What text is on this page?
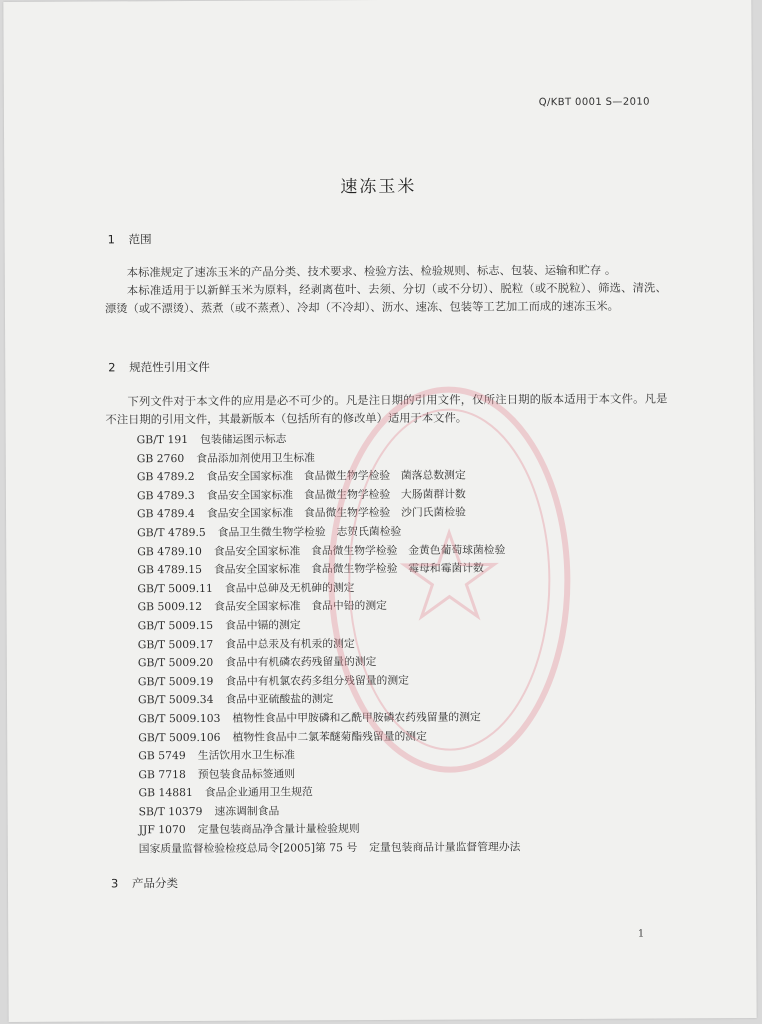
Q/KBT 0001 S—2010
速冻玉米
1 范围

本标准规定了速冻玉米的产品分类、技术要求、检验方法、检验规则、标志、包装、运输和贮存 。

本标准适用于以新鲜玉米为原料，经剥离苞叶、去须、分切（或不分切）、脱粒（或不脱粒）、筛选、清洗、漂烫（或不漂烫）、蒸煮（或不蒸煮）、冷却（不冷却）、沥水、速冻、包装等工艺加工而成的速冻玉米。

2 规范性引用文件

下列文件对于本文件的应用是必不可少的。凡是注日期的引用文件，仅所注日期的版本适用于本文件。凡是不注日期的引用文件，其最新版本（包括所有的修改单）适用于本文件。

GB/T 191 包装储运图示标志
GB 2760 食品添加剂使用卫生标准
GB 4789.2 食品安全国家标准　食品微生物学检验　菌落总数测定
GB 4789.3 食品安全国家标准　食品微生物学检验　大肠菌群计数
GB 4789.4 食品安全国家标准　食品微生物学检验　沙门氏菌检验
GB/T 4789.5 食品卫生微生物学检验　志贺氏菌检验
GB 4789.10 食品安全国家标准　食品微生物学检验　金黄色葡萄球菌检验
GB 4789.15 食品安全国家标准　食品微生物学检验　霉母和霉菌计数
GB/T 5009.11 食品中总砷及无机砷的测定
GB 5009.12 食品安全国家标准　食品中铅的测定
GB/T 5009.15 食品中镉的测定
GB/T 5009.17 食品中总汞及有机汞的测定
GB/T 5009.20 食品中有机磷农药残留量的测定
GB/T 5009.19 食品中有机氯农药多组分残留量的测定
GB/T 5009.34 食品中亚硫酸盐的测定
GB/T 5009.103 植物性食品中甲胺磷和乙酰甲胺磷农药残留量的测定
GB/T 5009.106 植物性食品中二氯苯醚菊酯残留量的测定
GB 5749 生活饮用水卫生标准
GB 7718 预包装食品标签通则
GB 14881 食品企业通用卫生规范
SB/T 10379 速冻调制食品
JJF 1070 定量包装商品净含量计量检验规则
国家质量监督检验检疫总局令[2005]第 75 号 定量包装商品计量监督管理办法
3 产品分类
1
